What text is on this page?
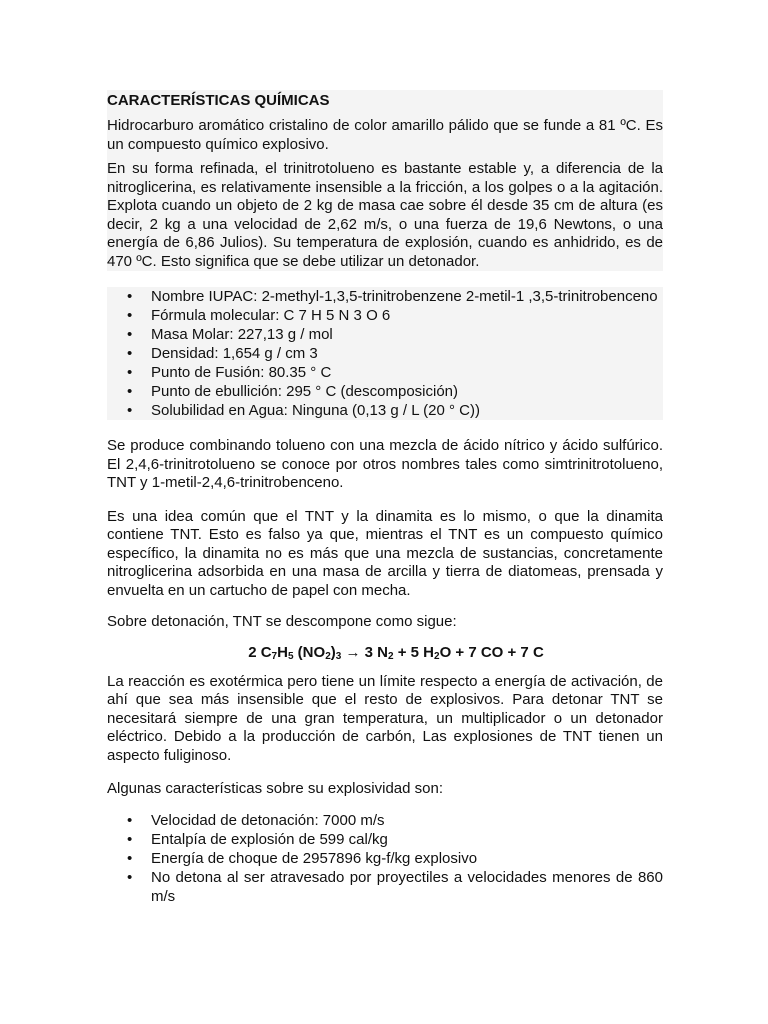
CARACTERÍSTICAS QUÍMICAS

Hidrocarburo aromático cristalino de color amarillo pálido que se funde a 81 ºC. Es un compuesto químico explosivo.

En su forma refinada, el trinitrotolueno es bastante estable y, a diferencia de la nitroglicerina, es relativamente insensible a la fricción, a los golpes o a la agitación. Explota cuando un objeto de 2 kg de masa cae sobre él desde 35 cm de altura (es decir, 2 kg a una velocidad de 2,62 m/s, o una fuerza de 19,6 Newtons, o una energía de 6,86 Julios). Su temperatura de explosión, cuando es anhidrido, es de 470 ºC. Esto significa que se debe utilizar un detonador.

• Nombre IUPAC: 2-methyl-1,3,5-trinitrobenzene 2-metil-1 ,3,5-trinitrobenceno
• Fórmula molecular: C 7 H 5 N 3 O 6
• Masa Molar: 227,13 g / mol
• Densidad: 1,654 g / cm 3
• Punto de Fusión: 80.35 ° C
• Punto de ebullición: 295 ° C (descomposición)
• Solubilidad en Agua: Ninguna (0,13 g / L (20 ° C))

Se produce combinando tolueno con una mezcla de ácido nítrico y ácido sulfúrico. El 2,4,6-trinitrotolueno se conoce por otros nombres tales como simtrinitrotolueno, TNT y 1-metil-2,4,6-trinitrobenceno.

Es una idea común que el TNT y la dinamita es lo mismo, o que la dinamita contiene TNT. Esto es falso ya que, mientras el TNT es un compuesto químico específico, la dinamita no es más que una mezcla de sustancias, concretamente nitroglicerina adsorbida en una masa de arcilla y tierra de diatomeas, prensada y envuelta en un cartucho de papel con mecha.

Sobre detonación, TNT se descompone como sigue:

2 $C_7H_5$ $(NO_2)_3 \to 3$ $N_2 + 5$ $H_2O + 7$ CO + 7 C

La reacción es exotérmica pero tiene un límite respecto a energía de activación, de ahí que sea más insensible que el resto de explosivos. Para detonar TNT se necesitará siempre de una gran temperatura, un multiplicador o un detonador eléctrico. Debido a la producción de carbón, Las explosiones de TNT tienen un aspecto fuliginoso.

Algunas características sobre su explosividad son:

• Velocidad de detonación: 7000 m/s
• Entalpía de explosión de 599 cal/kg
• Energía de choque de 2957896 kg-f/kg explosivo
• No detona al ser atravesado por proyectiles a velocidades menores de 860 m/s
